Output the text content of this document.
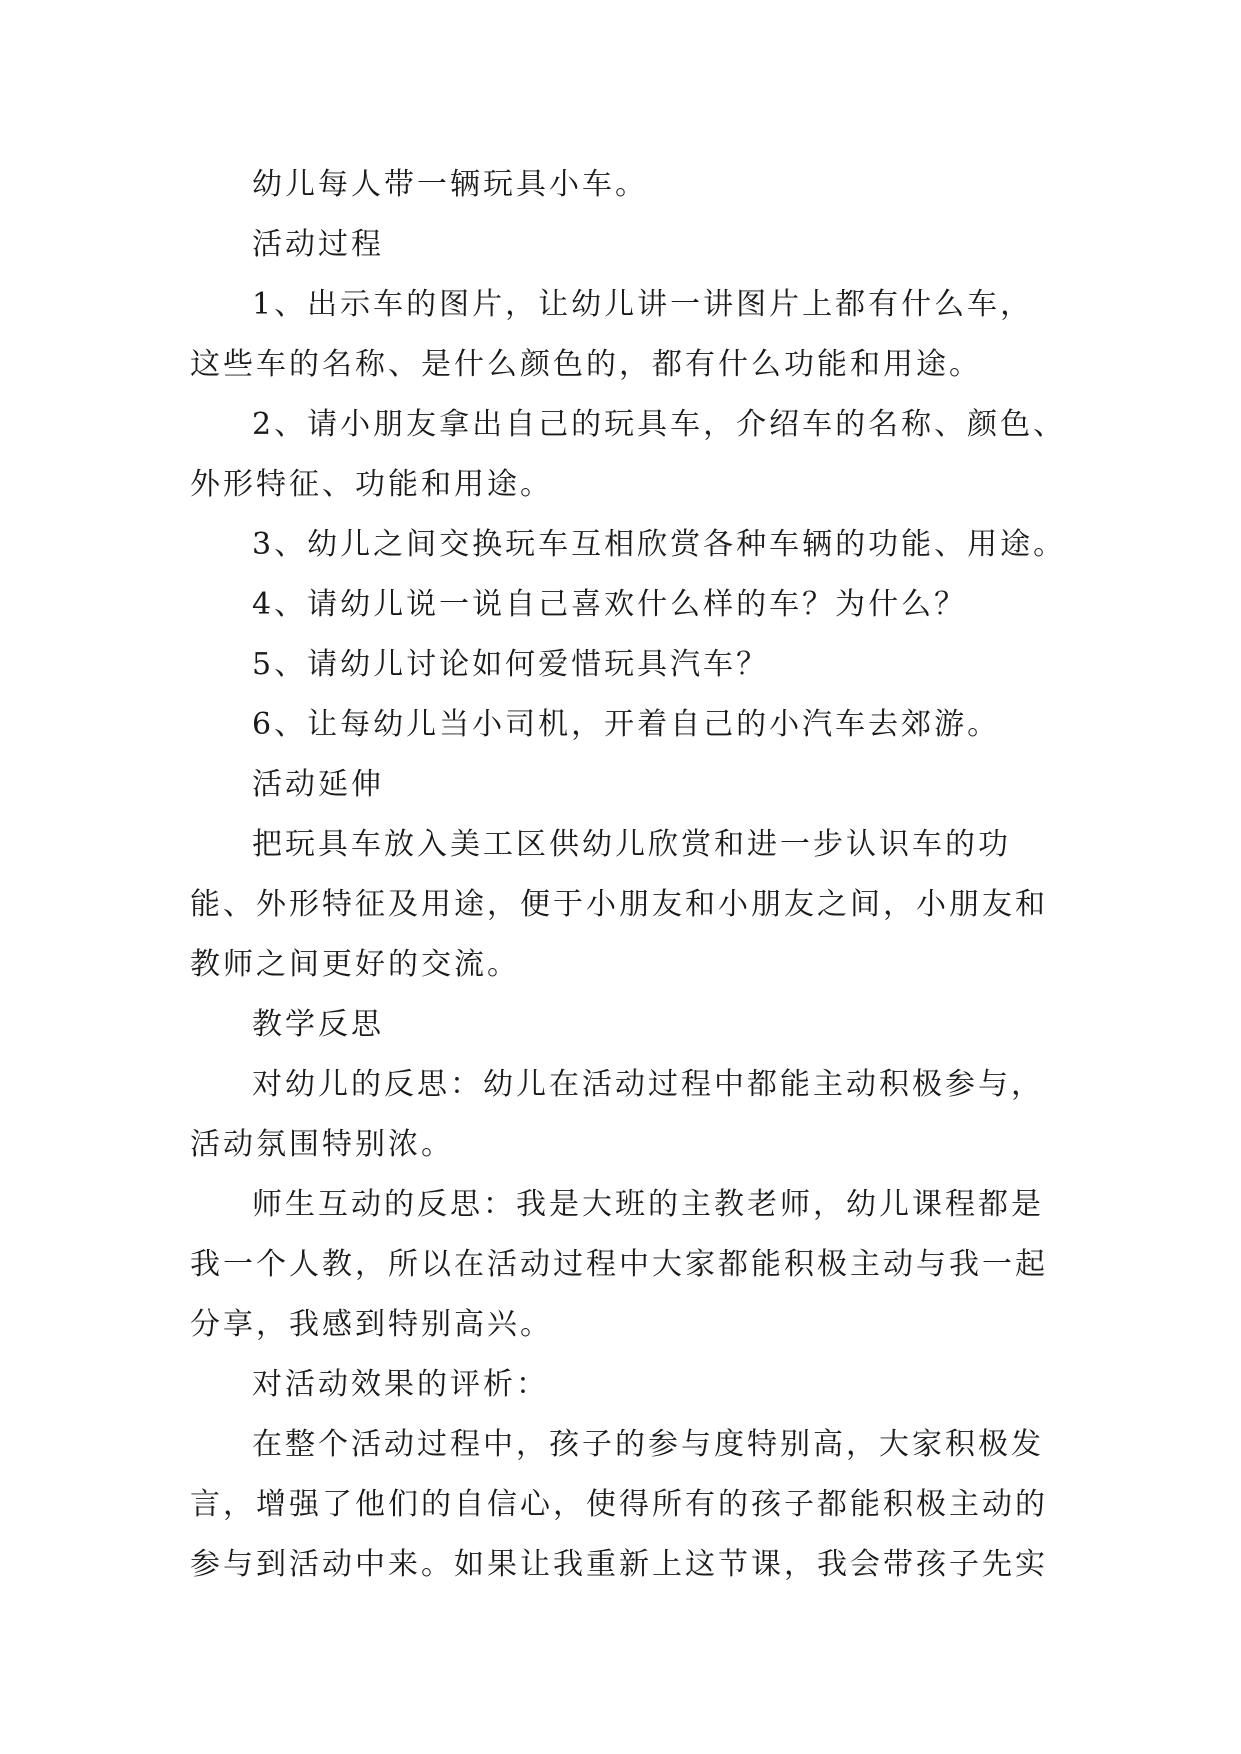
幼儿每人带一辆玩具小车。

活动过程

1、出示车的图片，让幼儿讲一讲图片上都有什么车，
这些车的名称、是什么颜色的，都有什么功能和用途。

2、请小朋友拿出自己的玩具车，介绍车的名称、颜色、
外形特征、功能和用途。

3、幼儿之间交换玩车互相欣赏各种车辆的功能、用途。

4、请幼儿说一说自己喜欢什么样的车？为什么？

5、请幼儿讨论如何爱惜玩具汽车？

6、让每幼儿当小司机，开着自己的小汽车去郊游。

活动延伸

把玩具车放入美工区供幼儿欣赏和进一步认识车的功
能、外形特征及用途，便于小朋友和小朋友之间，小朋友和
教师之间更好的交流。

教学反思

对幼儿的反思：幼儿在活动过程中都能主动积极参与，
活动氛围特别浓。

师生互动的反思：我是大班的主教老师，幼儿课程都是
我一个人教，所以在活动过程中大家都能积极主动与我一起
分享，我感到特别高兴。

对活动效果的评析：

在整个活动过程中，孩子的参与度特别高，大家积极发
言，增强了他们的自信心，使得所有的孩子都能积极主动的
参与到活动中来。如果让我重新上这节课，我会带孩子先实
